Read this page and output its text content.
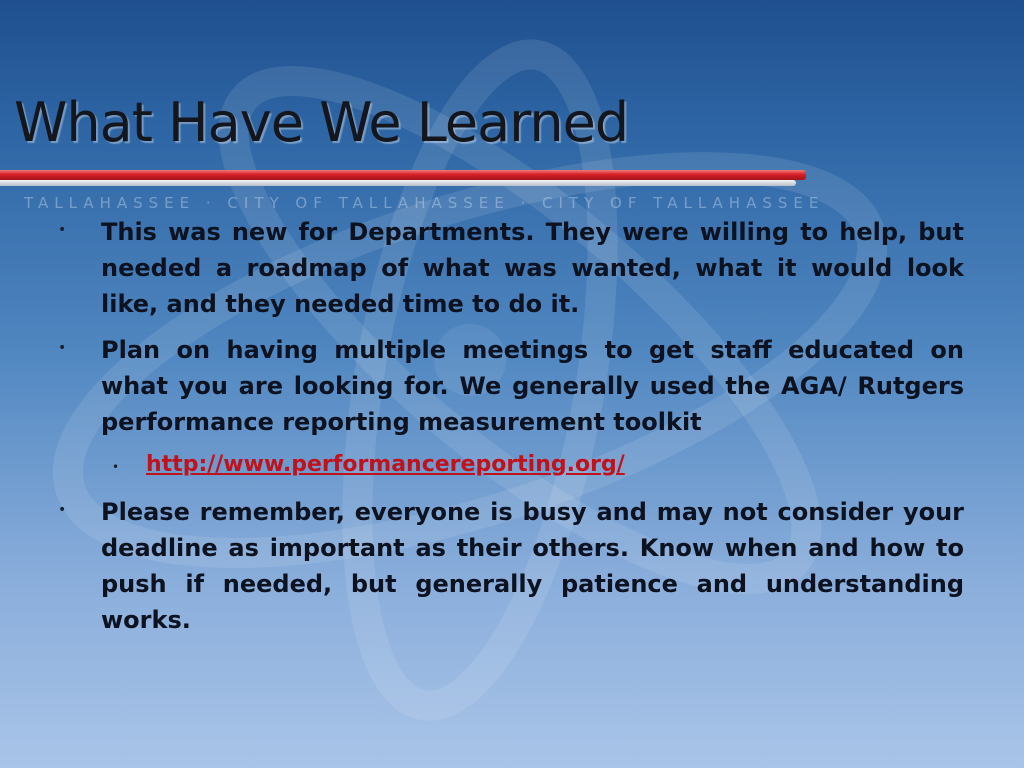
What Have We Learned
TALLAHASSEE · CITY OF TALLAHASSEE · CITY OF TALLAHASSEE
• This was new for Departments. They were willing to help, but needed a roadmap of what was wanted, what it would look like, and they needed time to do it.
• Plan on having multiple meetings to get staff educated on what you are looking for. We generally used the AGA/ Rutgers performance reporting measurement toolkit
• http://www.performancereporting.org/
• Please remember, everyone is busy and may not consider your deadline as important as their others. Know when and how to push if needed, but generally patience and understanding works.
